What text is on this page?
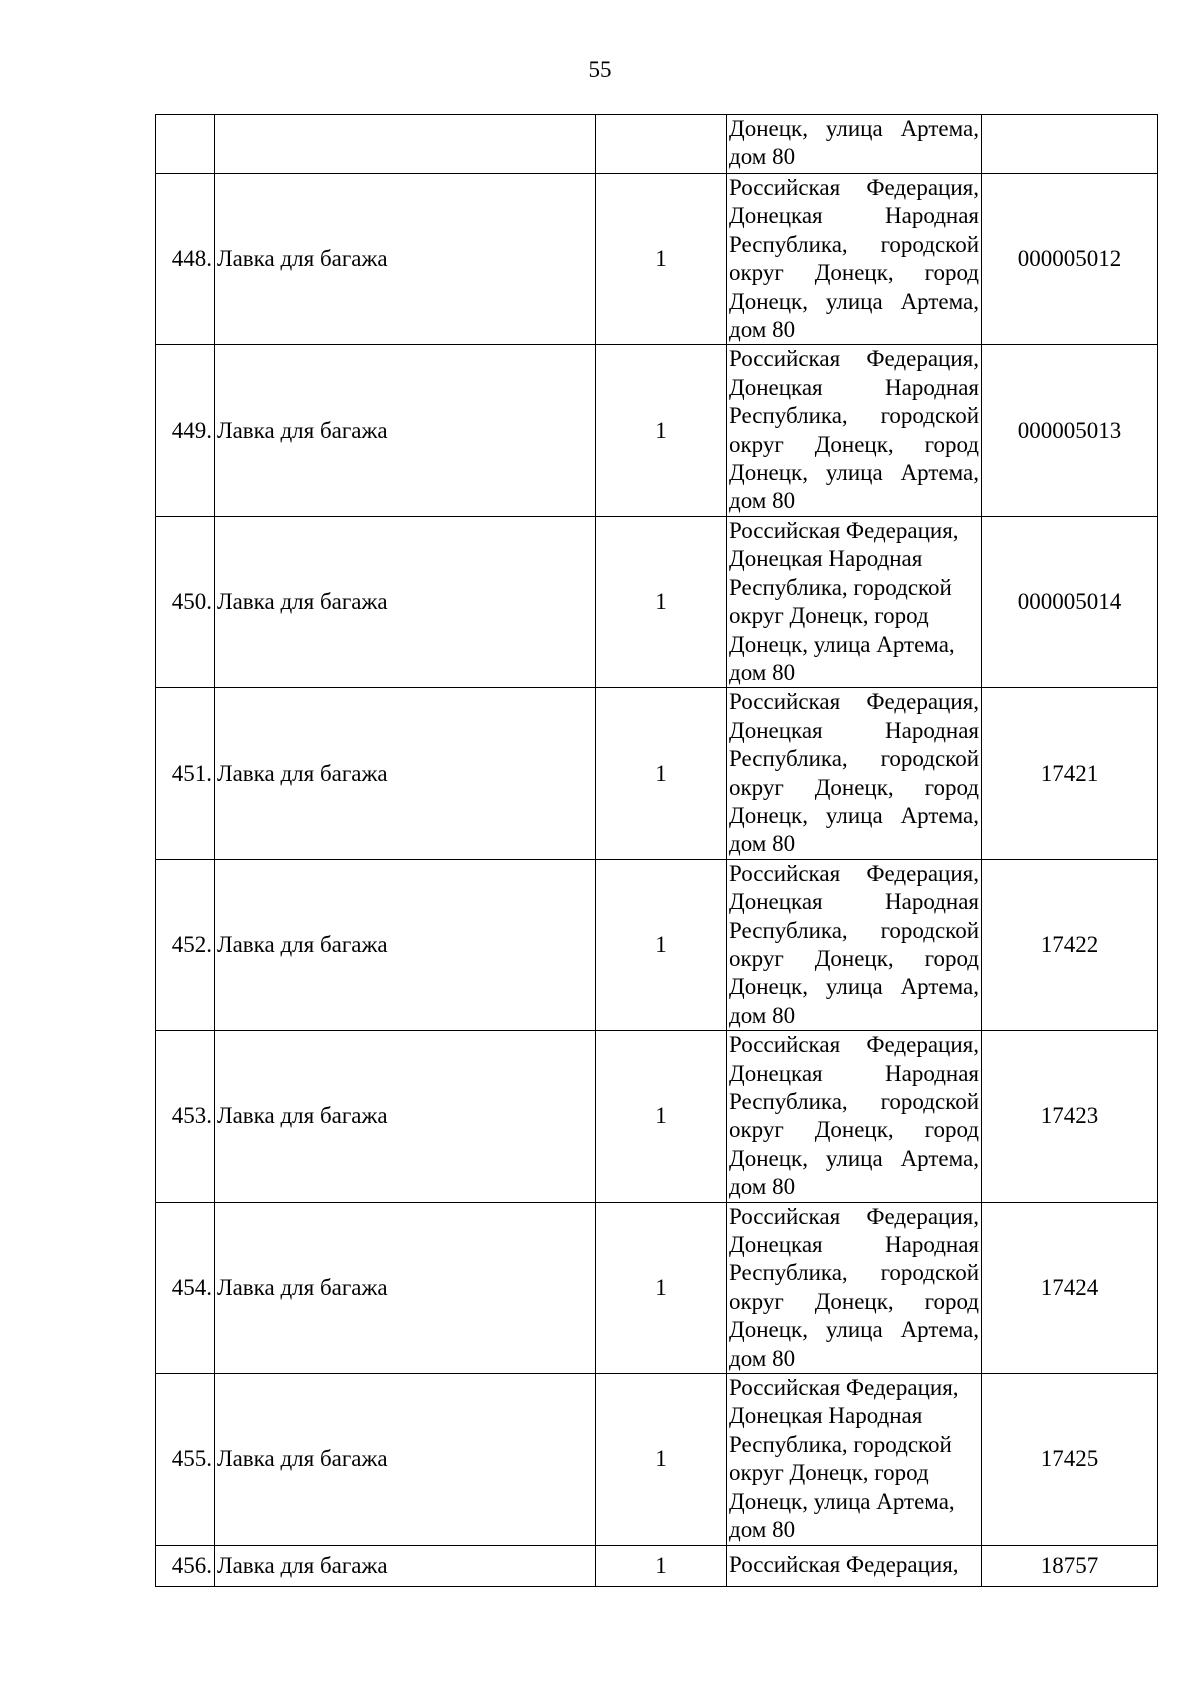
55
			Донецк, улица Артема, дом 80	
448.	Лавка для багажа	1	Российская Федерация, Донецкая Народная Республика, городской округ Донецк, город Донецк, улица Артема, дом 80	000005012
449.	Лавка для багажа	1	Российская Федерация, Донецкая Народная Республика, городской округ Донецк, город Донецк, улица Артема, дом 80	000005013
450.	Лавка для багажа	1	Российская Федерация, Донецкая Народная Республика, городской округ Донецк, город Донецк, улица Артема, дом 80	000005014
451.	Лавка для багажа	1	Российская Федерация, Донецкая Народная Республика, городской округ Донецк, город Донецк, улица Артема, дом 80	17421
452.	Лавка для багажа	1	Российская Федерация, Донецкая Народная Республика, городской округ Донецк, город Донецк, улица Артема, дом 80	17422
453.	Лавка для багажа	1	Российская Федерация, Донецкая Народная Республика, городской округ Донецк, город Донецк, улица Артема, дом 80	17423
454.	Лавка для багажа	1	Российская Федерация, Донецкая Народная Республика, городской округ Донецк, город Донецк, улица Артема, дом 80	17424
455.	Лавка для багажа	1	Российская Федерация, Донецкая Народная Республика, городской округ Донецк, город Донецк, улица Артема, дом 80	17425
456.	Лавка для багажа	1	Российская Федерация,	18757
